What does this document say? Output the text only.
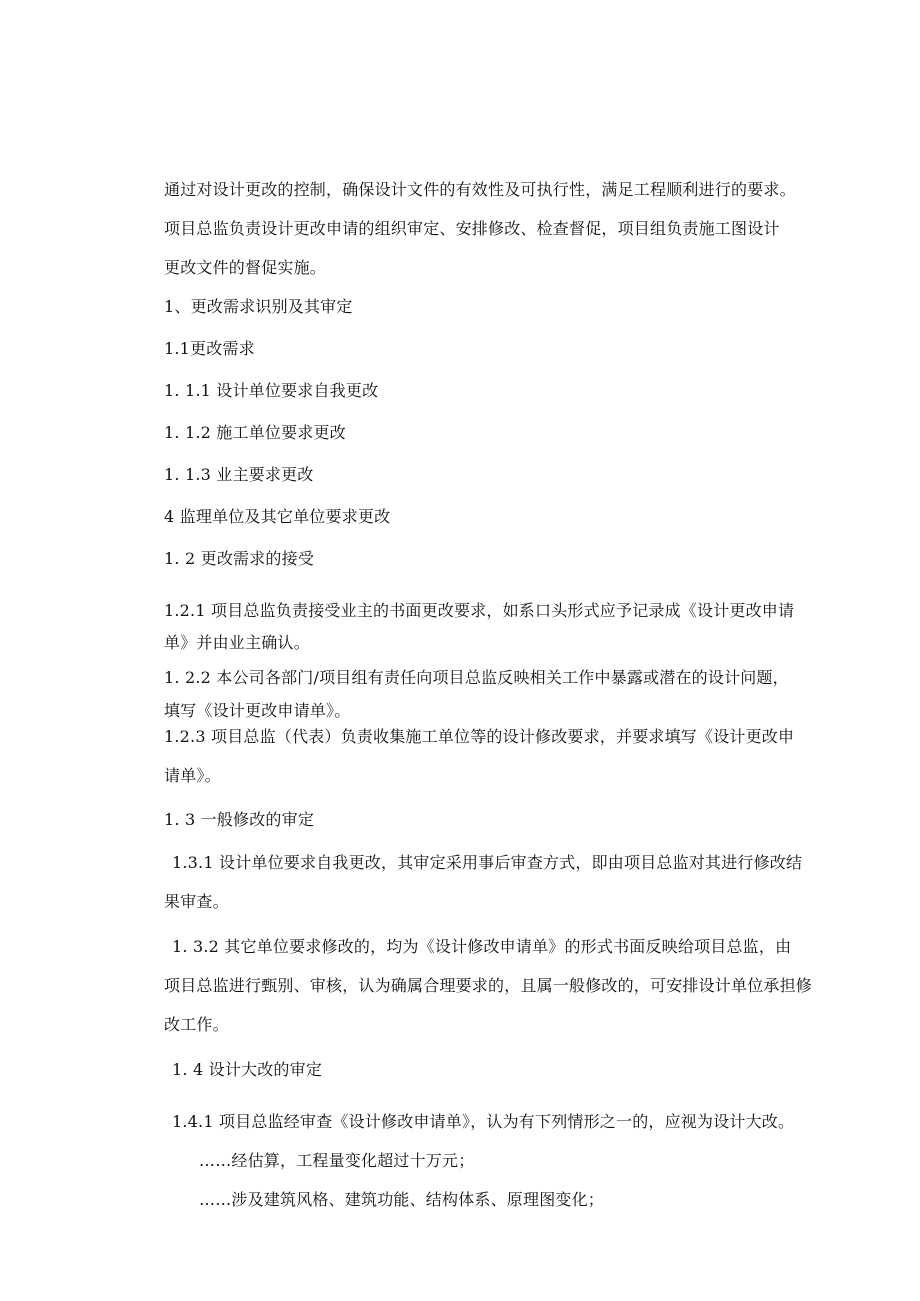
通过对设计更改的控制，确保设计文件的有效性及可执行性，满足工程顺利进行的要求。
项目总监负责设计更改申请的组织审定、安排修改、检查督促，项目组负责施工图设计
更改文件的督促实施。
1、更改需求识别及其审定
1.1更改需求
1. 1.1 设计单位要求自我更改
1. 1.2 施工单位要求更改
1. 1.3 业主要求更改
4 监理单位及其它单位要求更改
1. 2 更改需求的接受
1.2.1 项目总监负责接受业主的书面更改要求，如系口头形式应予记录成《设计更改申请
单》并由业主确认。
1. 2.2 本公司各部门/项目组有责任向项目总监反映相关工作中暴露或潜在的设计问题，
填写《设计更改申请单》。
1.2.3 项目总监（代表）负责收集施工单位等的设计修改要求，并要求填写《设计更改申
请单》。
1. 3 一般修改的审定
1.3.1 设计单位要求自我更改，其审定采用事后审查方式，即由项目总监对其进行修改结
果审查。
1. 3.2 其它单位要求修改的，均为《设计修改申请单》的形式书面反映给项目总监，由
项目总监进行甄别、审核，认为确属合理要求的，且属一般修改的，可安排设计单位承担修
改工作。
1. 4 设计大改的审定
1.4.1 项目总监经审查《设计修改申请单》，认为有下列情形之一的，应视为设计大改。
……经估算，工程量变化超过十万元；
……涉及建筑风格、建筑功能、结构体系、原理图变化；
